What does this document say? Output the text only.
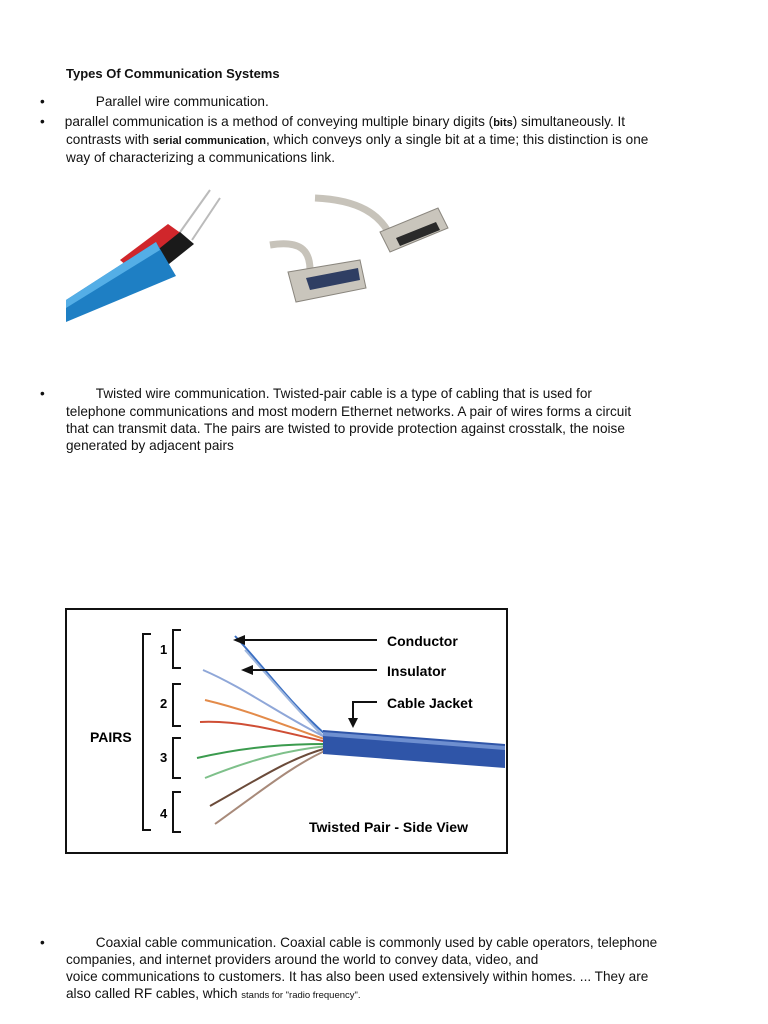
Types Of Communication Systems
•	Parallel wire communication.
• parallel communication is a method of conveying multiple binary digits (bits) simultaneously. It
contrasts with serial communication, which conveys only a single bit at a time; this distinction is one
way of characterizing a communications link.
•	Twisted wire communication. Twisted-pair cable is a type of cabling that is used for
telephone communications and most modern Ethernet networks. A pair of wires forms a circuit
that can transmit data. The pairs are twisted to provide protection against crosstalk, the noise
generated by adjacent pairs
PAIRS
1
2
3
4
Conductor
Insulator
Cable Jacket
Twisted Pair - Side View
•	Coaxial cable communication. Coaxial cable is commonly used by cable operators, telephone
companies, and internet providers around the world to convey data, video, and
voice communications to customers. It has also been used extensively within homes. ... They are
also called RF cables, which stands for "radio frequency".
